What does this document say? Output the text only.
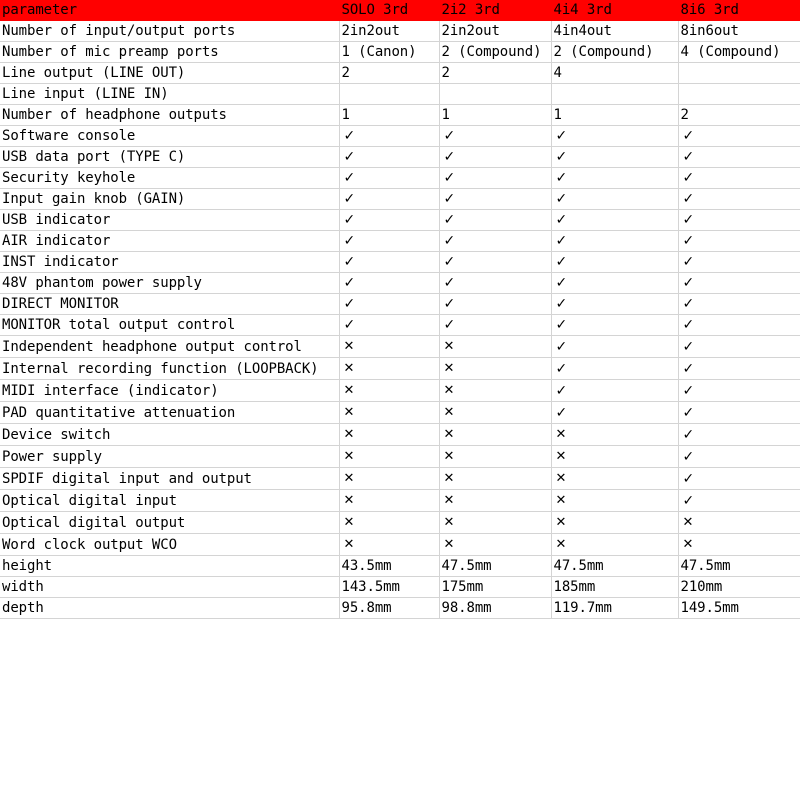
parameter	SOLO 3rd	2i2 3rd	4i4 3rd	8i6 3rd
Number of input/output ports	2in2out	2in2out	4in4out	8in6out
Number of mic preamp ports	1 (Canon)	2 (Compound)	2 (Compound)	4 (Compound)
Line output (LINE OUT)	2	2	4	
Line input (LINE IN)				
Number of headphone outputs	1	1	1	2
Software console	✓	✓	✓	✓
USB data port (TYPE C)	✓	✓	✓	✓
Security keyhole	✓	✓	✓	✓
Input gain knob (GAIN)	✓	✓	✓	✓
USB indicator	✓	✓	✓	✓
AIR indicator	✓	✓	✓	✓
INST indicator	✓	✓	✓	✓
48V phantom power supply	✓	✓	✓	✓
DIRECT MONITOR	✓	✓	✓	✓
MONITOR total output control	✓	✓	✓	✓
Independent headphone output control	✕	✕	✓	✓
Internal recording function (LOOPBACK)	✕	✕	✓	✓
MIDI interface (indicator)	✕	✕	✓	✓
PAD quantitative attenuation	✕	✕	✓	✓
Device switch	✕	✕	✕	✓
Power supply	✕	✕	✕	✓
SPDIF digital input and output	✕	✕	✕	✓
Optical digital input	✕	✕	✕	✓
Optical digital output	✕	✕	✕	✕
Word clock output WCO	✕	✕	✕	✕
height	43.5mm	47.5mm	47.5mm	47.5mm
width	143.5mm	175mm	185mm	210mm
depth	95.8mm	98.8mm	119.7mm	149.5mm
